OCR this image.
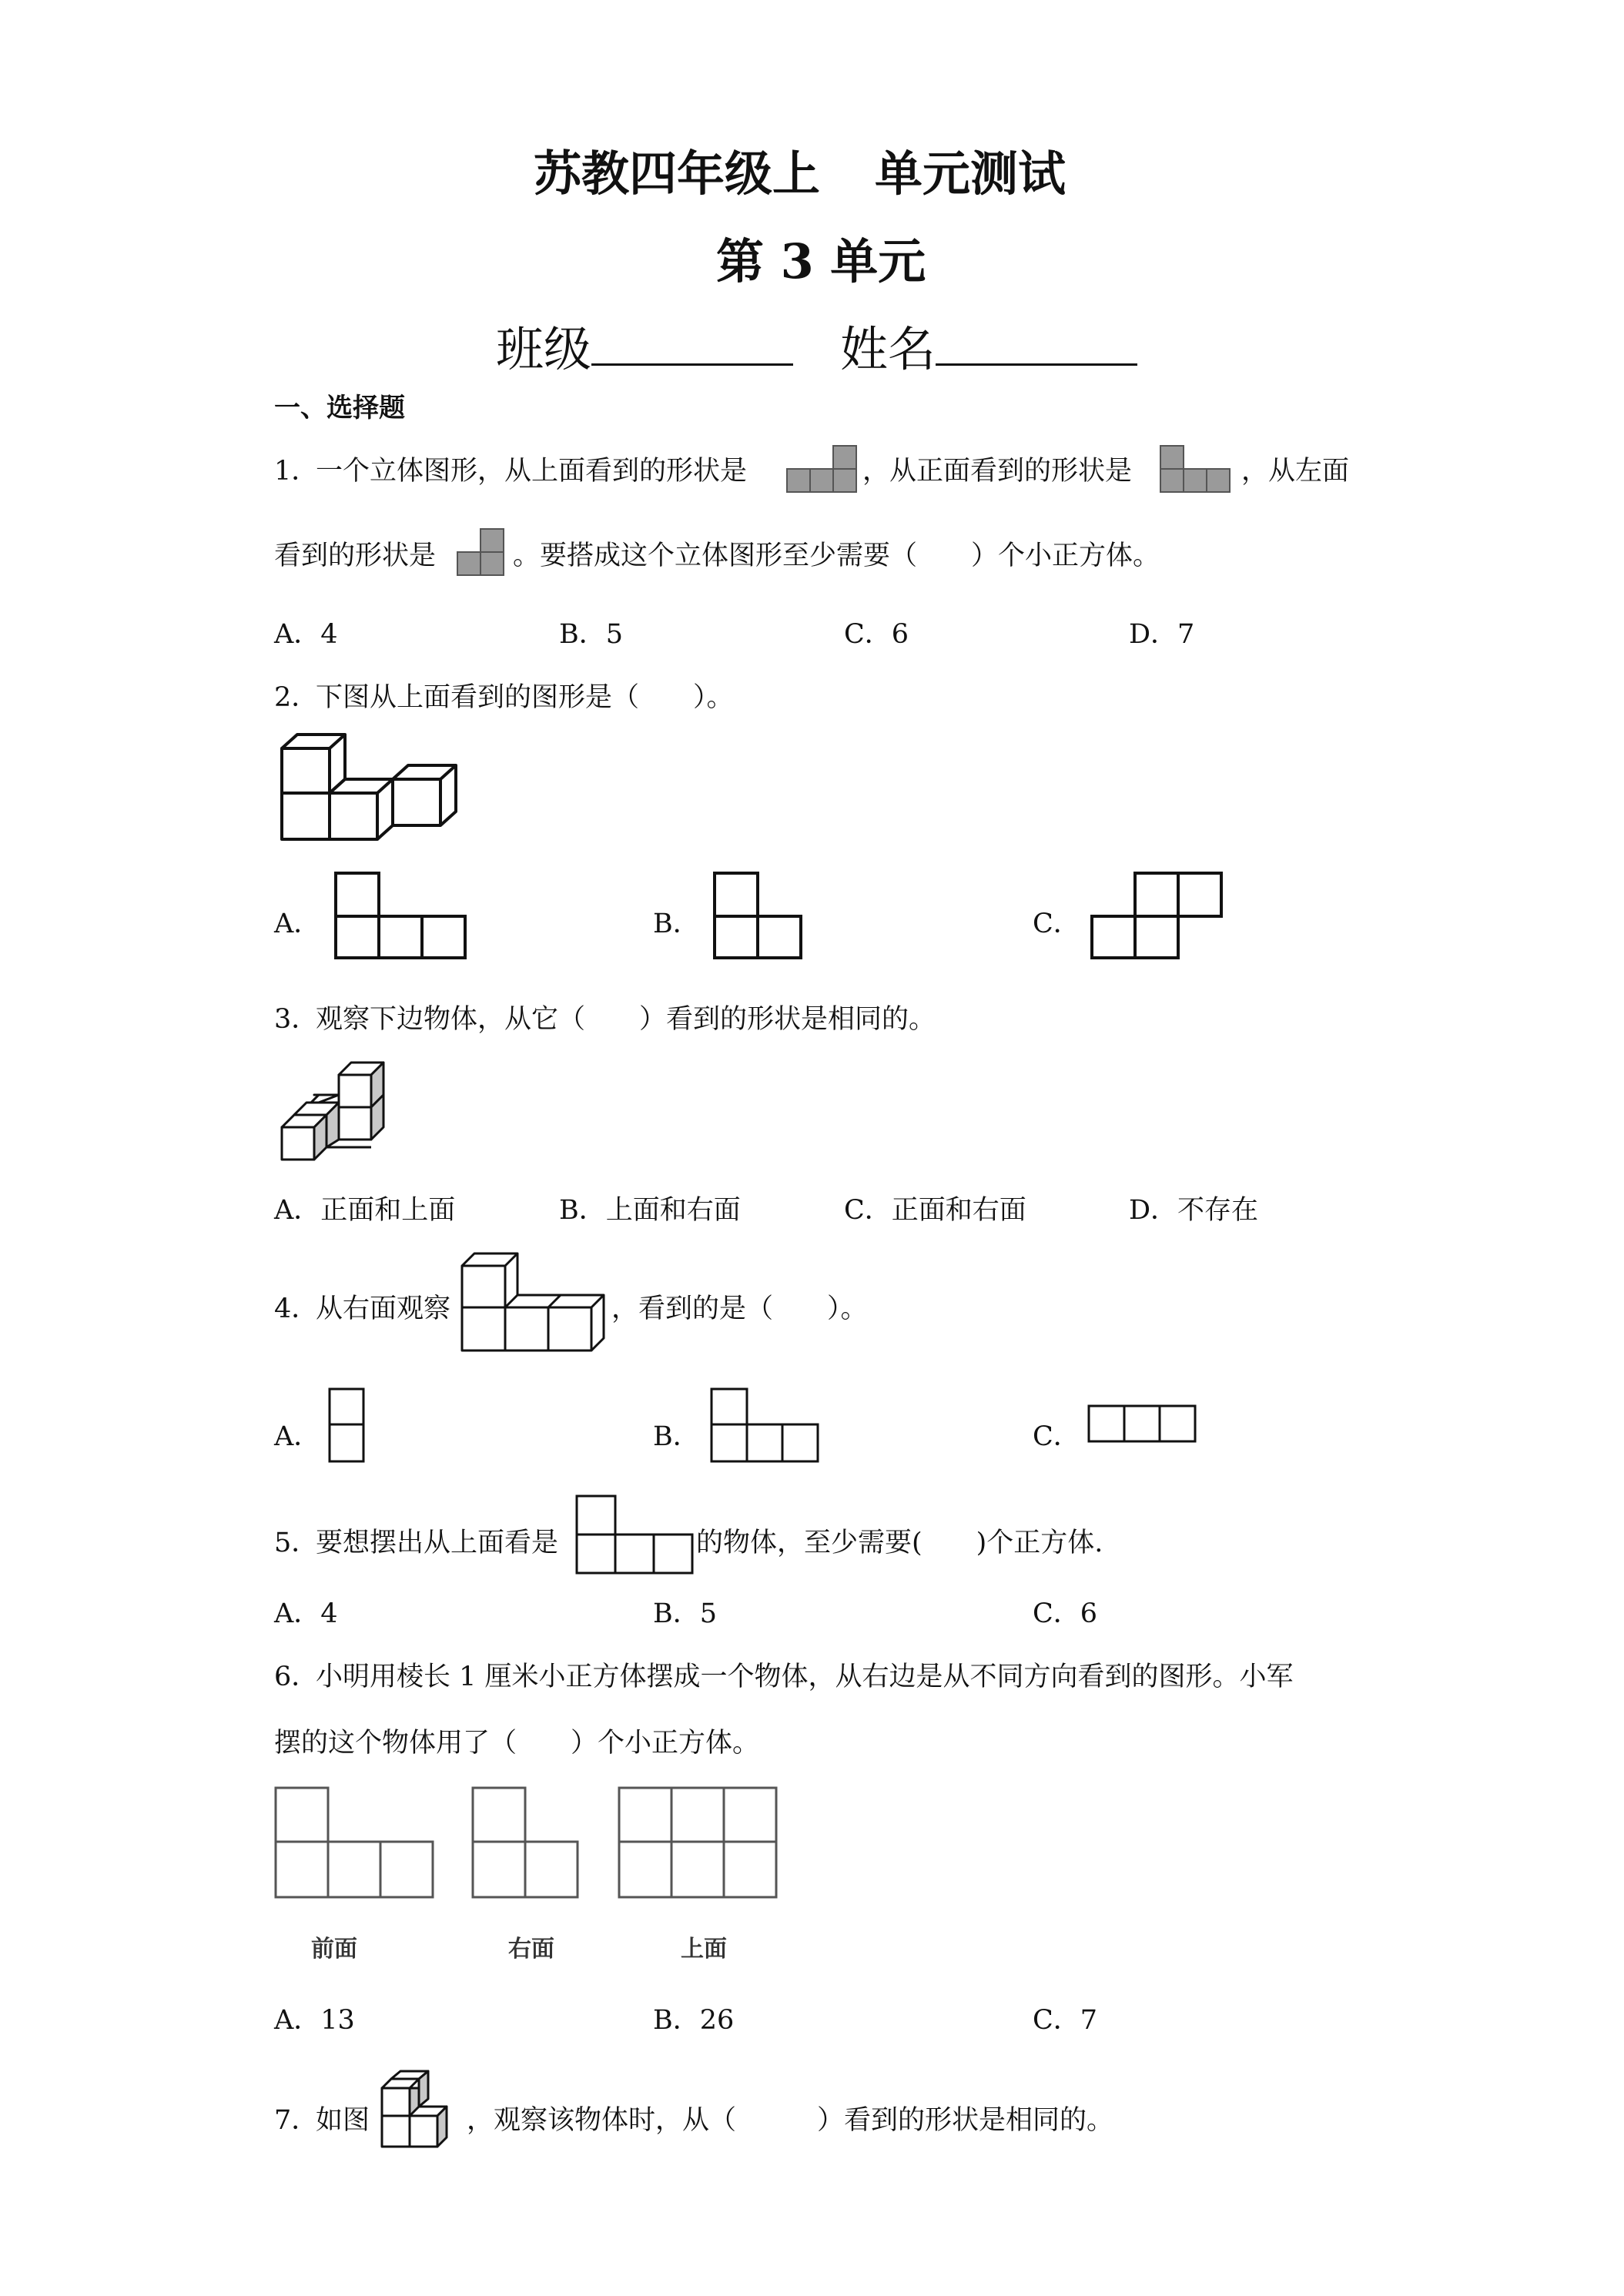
苏教四年级上 单元测试
第 3 单元
班级	姓名
一、选择题
1．
一个立体图形，从上面看到的形状是	，从正面看到的形状是	，从左面
看到的形状是	。要搭成这个立体图形至少需要（　　）个小正方体。
A．4	B．5	C．6	D．7
2．
下图从上面看到的图形是（　　）。
A．	B．	C．
3．
观察下边物体，从它（　　）看到的形状是相同的。
A．正面和上面	B．上面和右面	C．正面和右面	D．不存在
4．
从右面观察	，看到的是（　　）。
A．	B．	C．
5．
要想摆出从上面看是	的物体，至少需要(　　)个正方体.
A．4	B．5	C．6
6．
小明用棱长 1 厘米小正方体摆成一个物体，从右边是从不同方向看到的图形。小军
摆的这个物体用了（　　）个小正方体。
前面	右面	上面
A．13	B．26	C．7
7．
如图	，观察该物体时，从（　　　）看到的形状是相同的。
